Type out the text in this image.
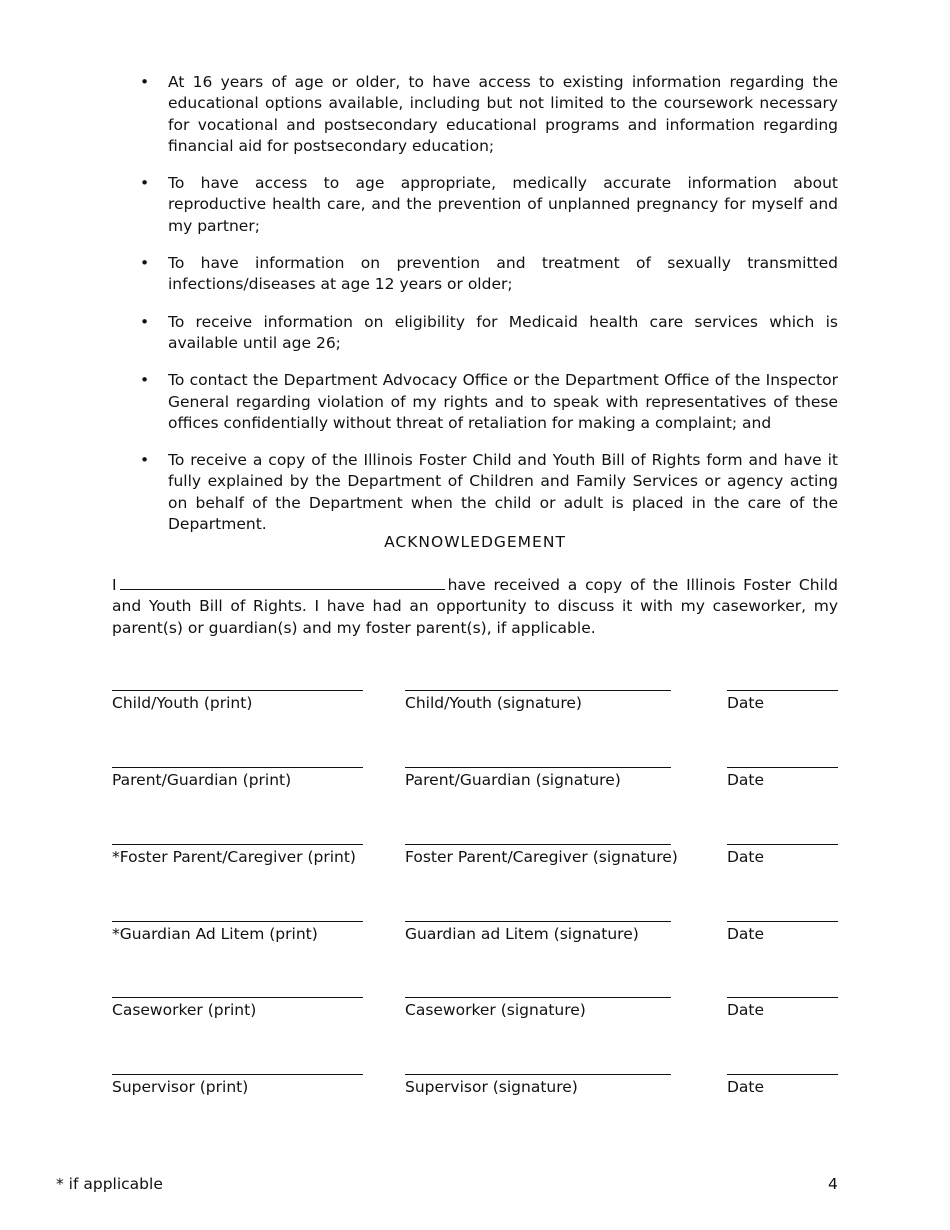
• At 16 years of age or older, to have access to existing information regarding the educational options available, including but not limited to the coursework necessary for vocational and postsecondary educational programs and information regarding financial aid for postsecondary education;
• To have access to age appropriate, medically accurate information about reproductive health care, and the prevention of unplanned pregnancy for myself and my partner;
• To have information on prevention and treatment of sexually transmitted infections/diseases at age 12 years or older;
• To receive information on eligibility for Medicaid health care services which is available until age 26;
• To contact the Department Advocacy Office or the Department Office of the Inspector General regarding violation of my rights and to speak with representatives of these offices confidentially without threat of retaliation for making a complaint; and
• To receive a copy of the Illinois Foster Child and Youth Bill of Rights form and have it fully explained by the Department of Children and Family Services or agency acting on behalf of the Department when the child or adult is placed in the care of the Department.
ACKNOWLEDGEMENT
I	have received a copy of the Illinois Foster Child and Youth Bill of Rights. I have had an opportunity to discuss it with my caseworker, my parent(s) or guardian(s) and my foster parent(s), if applicable.
Child/Youth (print)	Child/Youth (signature)	Date
Parent/Guardian (print)	Parent/Guardian (signature)	Date
*Foster Parent/Caregiver (print)	Foster Parent/Caregiver (signature)	Date
*Guardian Ad Litem (print)	Guardian ad Litem (signature)	Date
Caseworker (print)	Caseworker (signature)	Date
Supervisor (print)	Supervisor (signature)	Date
* if applicable	4
